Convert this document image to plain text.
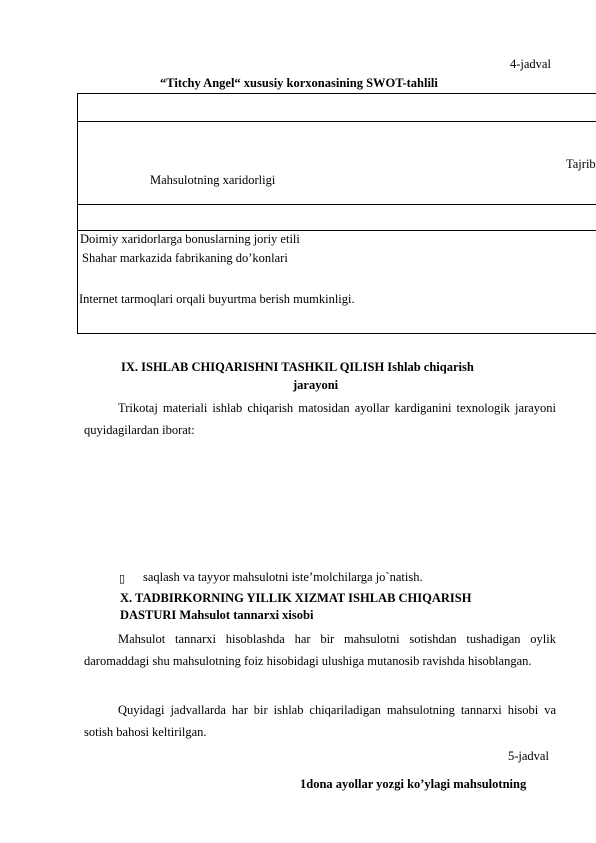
4-jadval
“Titchy Angel“ xususiy korxonasining SWOT-tahlili
Tajrib
Mahsulotning xaridorligi
Doimiy xaridorlarga bonuslarning joriy etili
Shahar markazida fabrikaning do’konlari
Internet tarmoqlari orqali buyurtma berish mumkinligi.
IX. ISHLAB CHIQARISHNI TASHKIL QILISH Ishlab chiqarish
jarayoni
Trikotaj materiali ishlab chiqarish matosidan ayollar kardiganini texnologik jarayoni quyidagilardan iborat:
▯ saqlash va tayyor mahsulotni iste’molchilarga jo`natish.
X. TADBIRKORNING YILLIK XIZMAT ISHLAB CHIQARISH
DASTURI Mahsulot tannarxi xisobi
Mahsulot tannarxi hisoblashda har bir mahsulotni sotishdan tushadigan oylik daromaddagi shu mahsulotning foiz hisobidagi ulushiga mutanosib ravishda hisoblangan.
Quyidagi jadvallarda har bir ishlab chiqariladigan mahsulotning tannarxi hisobi va sotish bahosi keltirilgan.
5-jadval
1dona ayollar yozgi ko’ylagi mahsulotning
